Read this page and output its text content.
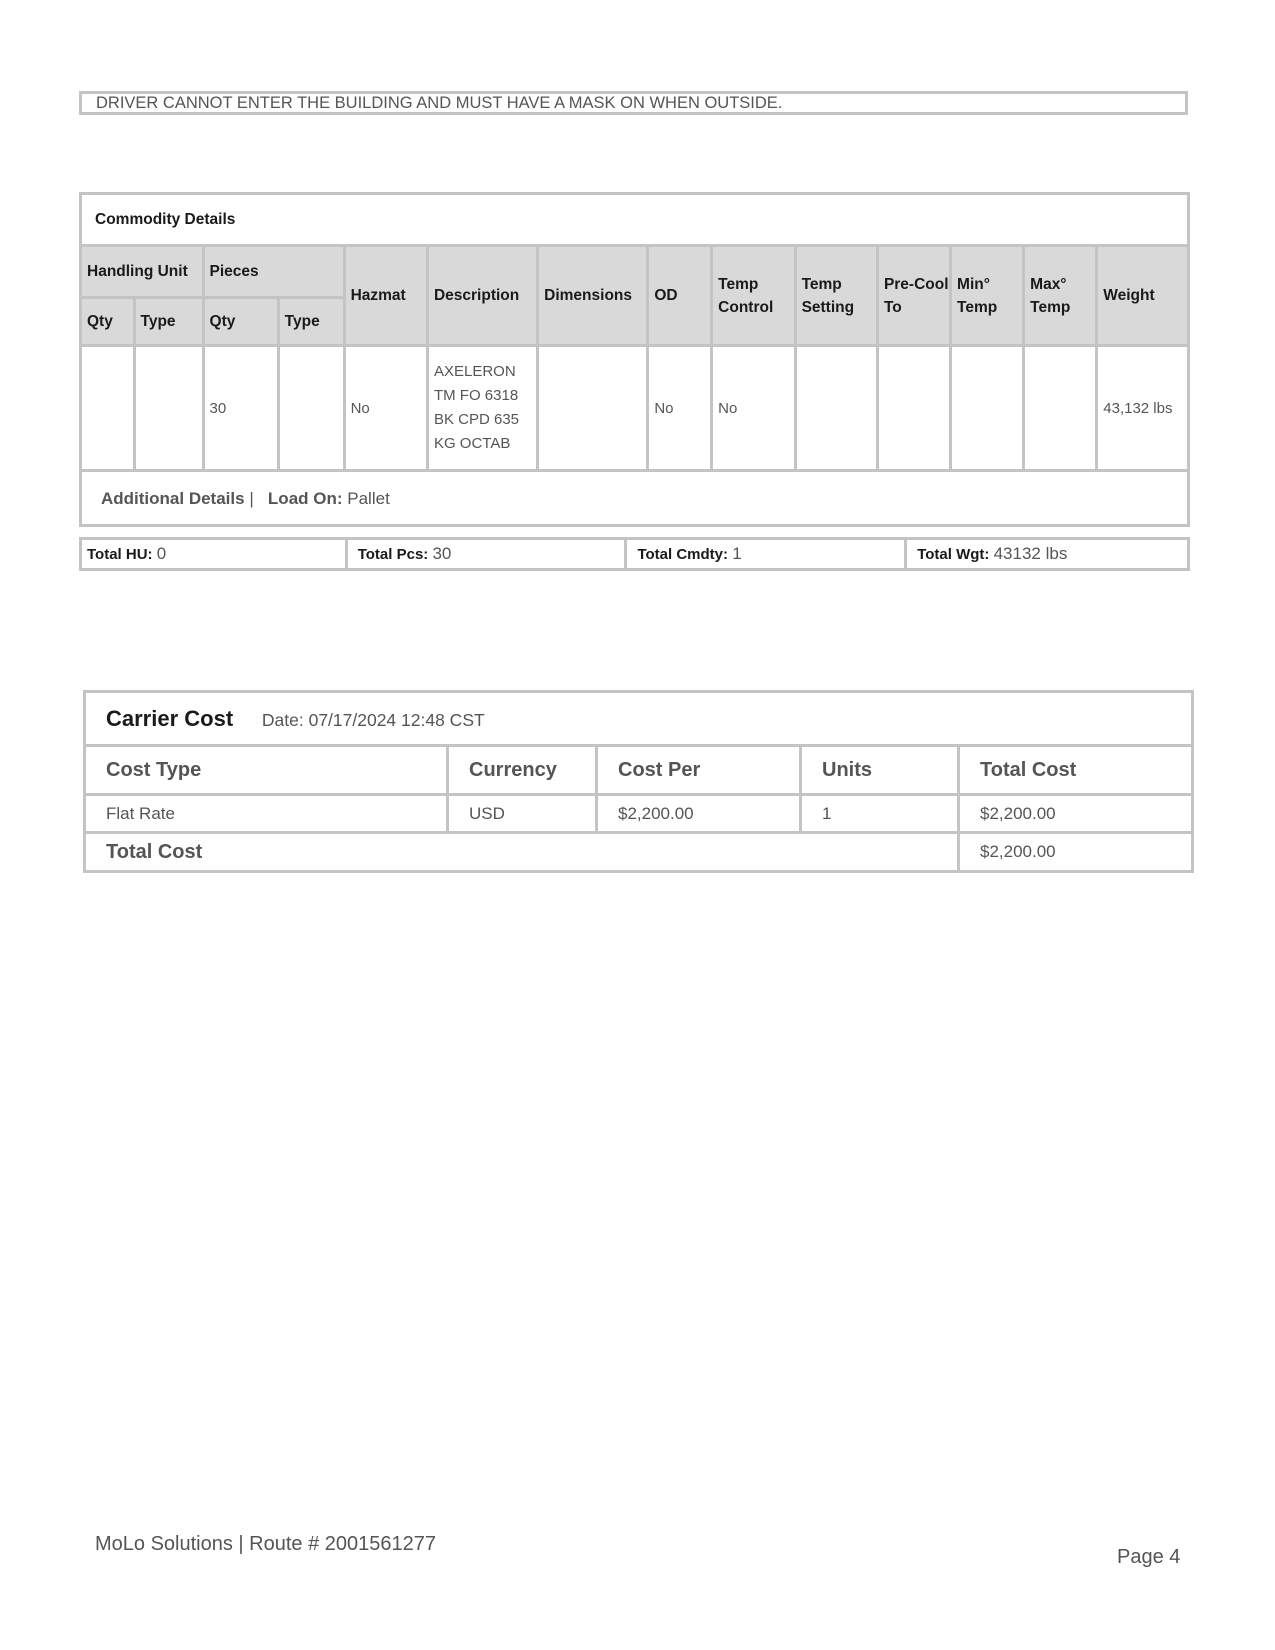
DRIVER CANNOT ENTER THE BUILDING AND MUST HAVE A MASK ON WHEN OUTSIDE.
Commodity Details													
Handling Unit		Pieces		Hazmat	Description	Dimensions	OD	Temp Control	Temp Setting	Pre-Cool To	Min° Temp	Max° Temp	Weight
Qty	Type	Qty	Type										
		30		No	AXELERON TM FO 6318 BK CPD 635 KG OCTAB		No	No					43,132 lbs
Additional Details |   Load On: Pallet													
Total HU: 0	Total Pcs: 30	Total Cmdty: 1	Total Wgt: 43132 lbs
Carrier Cost Date: 07/17/2024 12:48 CST				
Cost Type	Currency	Cost Per	Units	Total Cost
Flat Rate	USD	$2,200.00	1	$2,200.00
Total Cost				$2,200.00
MoLo Solutions | Route # 2001561277
Page 4
